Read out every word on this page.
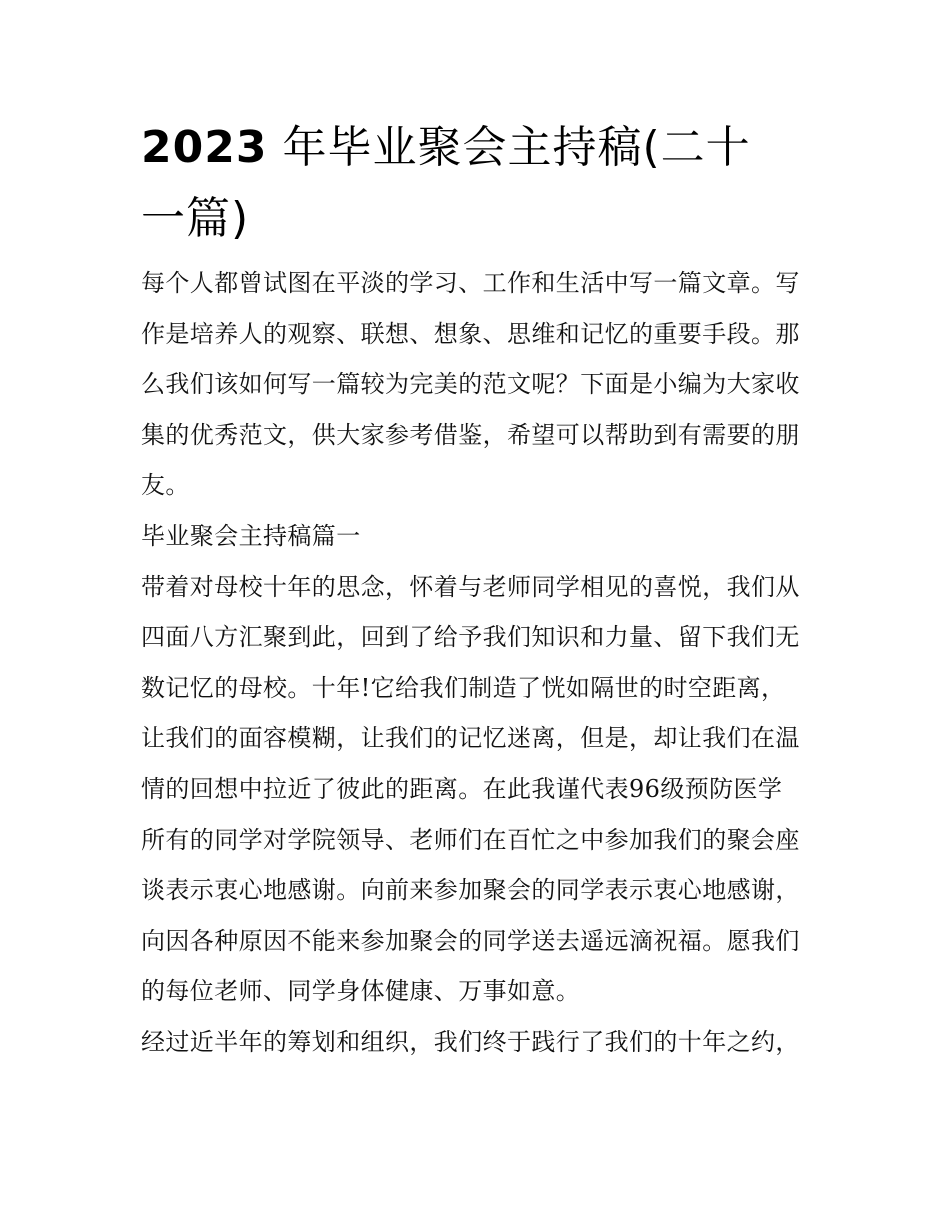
2023 年毕业聚会主持稿(二十一篇)
每个人都曾试图在平淡的学习、工作和生活中写一篇文章。写
作是培养人的观察、联想、想象、思维和记忆的重要手段。那
么我们该如何写一篇较为完美的范文呢？下面是小编为大家收
集的优秀范文，供大家参考借鉴，希望可以帮助到有需要的朋
友。
毕业聚会主持稿篇一
带着对母校十年的思念，怀着与老师同学相见的喜悦，我们从
四面八方汇聚到此，回到了给予我们知识和力量、留下我们无
数记忆的母校。十年!它给我们制造了恍如隔世的时空距离，
让我们的面容模糊，让我们的记忆迷离，但是，却让我们在温
情的回想中拉近了彼此的距离。在此我谨代表96级预防医学
所有的同学对学院领导、老师们在百忙之中参加我们的聚会座
谈表示衷心地感谢。向前来参加聚会的同学表示衷心地感谢，
向因各种原因不能来参加聚会的同学送去遥远滴祝福。愿我们
的每位老师、同学身体健康、万事如意。
经过近半年的筹划和组织，我们终于践行了我们的十年之约，
